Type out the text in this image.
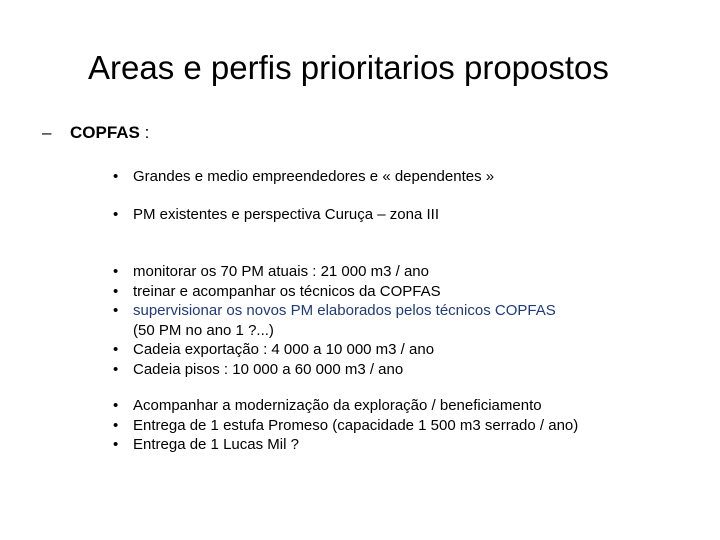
Areas e perfis prioritarios propostos
– COPFAS :
• Grandes e medio empreendedores e « dependentes »
• PM existentes e perspectiva Curuça – zona III
• monitorar os 70 PM atuais : 21 000 m3 / ano
• treinar e acompanhar os técnicos da COPFAS
• supervisionar os novos PM elaborados pelos técnicos COPFAS
(50 PM no ano 1 ?...)
• Cadeia exportação : 4 000 a 10 000 m3 / ano
• Cadeia pisos : 10 000 a 60 000 m3 / ano
• Acompanhar a modernização da exploração / beneficiamento
• Entrega de 1 estufa Promeso (capacidade 1 500 m3 serrado / ano)
• Entrega de 1 Lucas Mil ?
